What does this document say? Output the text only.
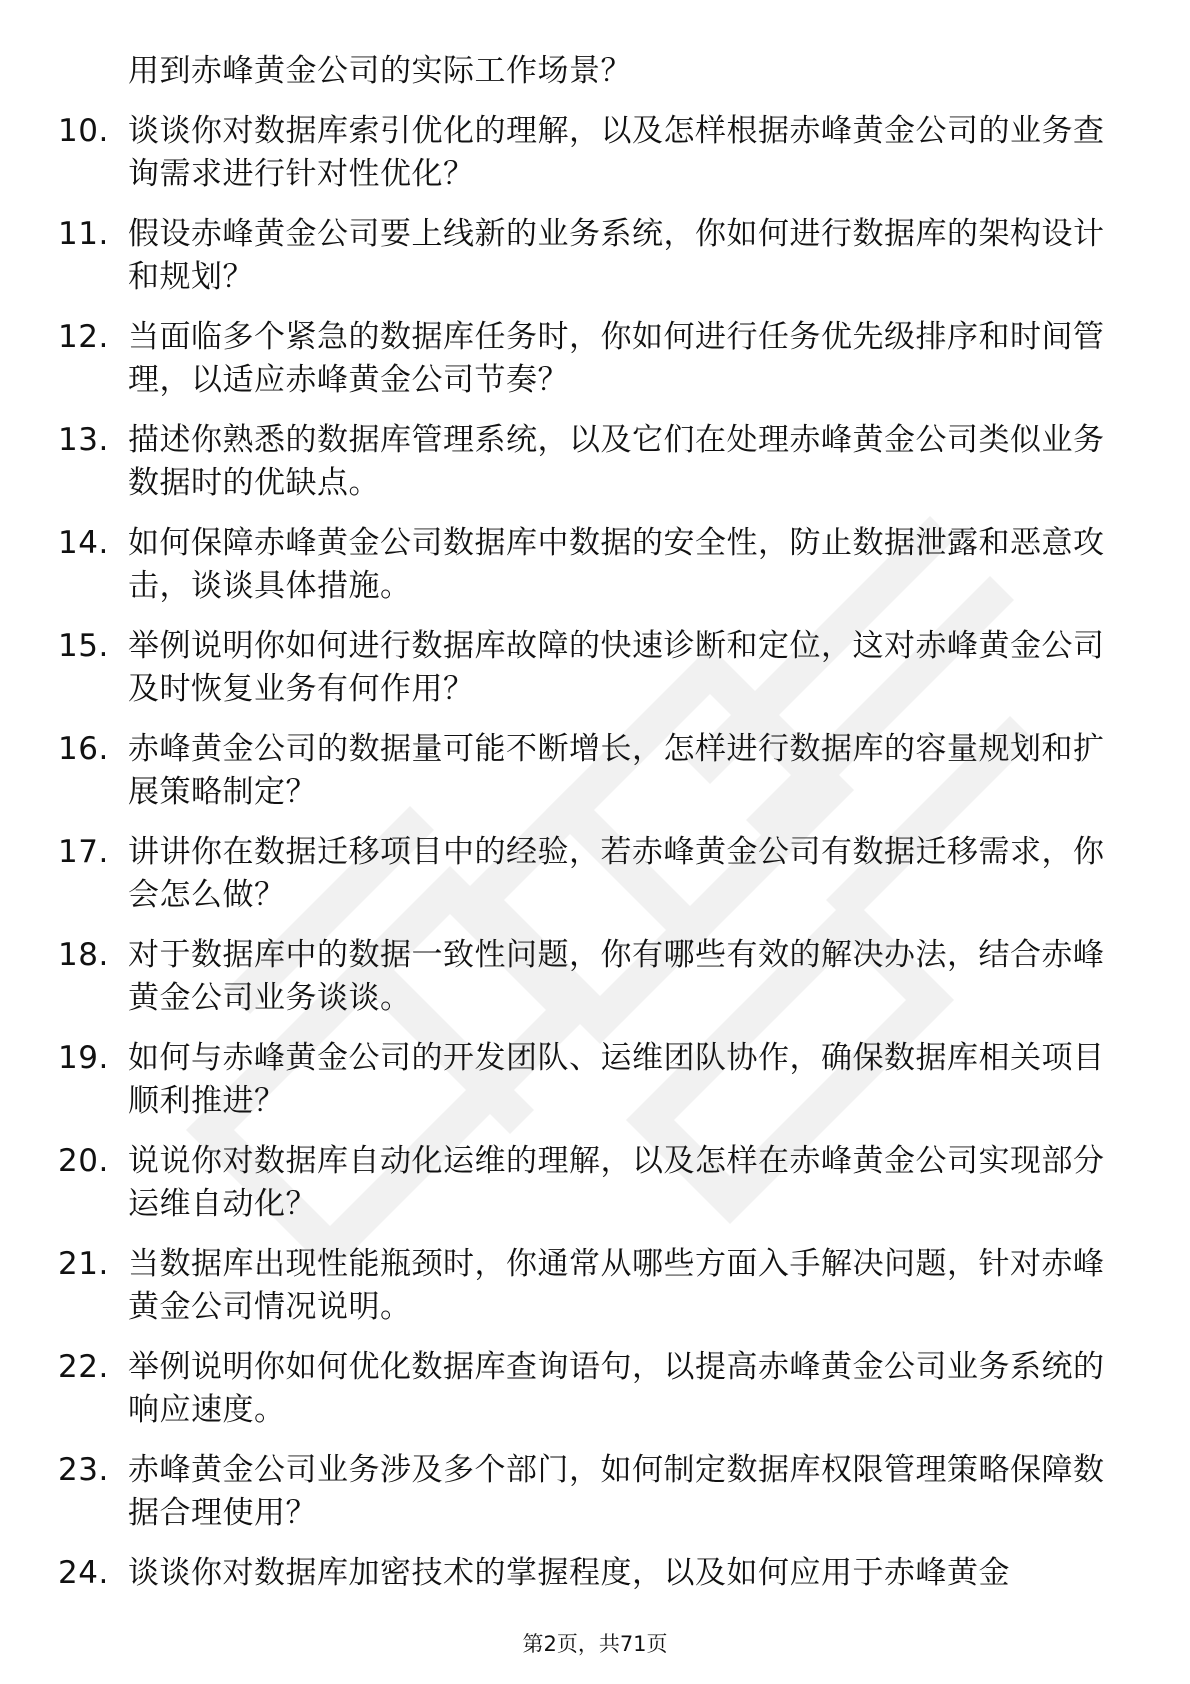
用到赤峰黄金公司的实际工作场景？
10. 谈谈你对数据库索引优化的理解，以及怎样根据赤峰黄金公司的业务查询需求进行针对性优化？
11. 假设赤峰黄金公司要上线新的业务系统，你如何进行数据库的架构设计和规划？
12. 当面临多个紧急的数据库任务时，你如何进行任务优先级排序和时间管理，以适应赤峰黄金公司节奏？
13. 描述你熟悉的数据库管理系统，以及它们在处理赤峰黄金公司类似业务数据时的优缺点。
14. 如何保障赤峰黄金公司数据库中数据的安全性，防止数据泄露和恶意攻击，谈谈具体措施。
15. 举例说明你如何进行数据库故障的快速诊断和定位，这对赤峰黄金公司及时恢复业务有何作用？
16. 赤峰黄金公司的数据量可能不断增长，怎样进行数据库的容量规划和扩展策略制定？
17. 讲讲你在数据迁移项目中的经验，若赤峰黄金公司有数据迁移需求，你会怎么做？
18. 对于数据库中的数据一致性问题，你有哪些有效的解决办法，结合赤峰黄金公司业务谈谈。
19. 如何与赤峰黄金公司的开发团队、运维团队协作，确保数据库相关项目顺利推进？
20. 说说你对数据库自动化运维的理解，以及怎样在赤峰黄金公司实现部分运维自动化？
21. 当数据库出现性能瓶颈时，你通常从哪些方面入手解决问题，针对赤峰黄金公司情况说明。
22. 举例说明你如何优化数据库查询语句，以提高赤峰黄金公司业务系统的响应速度。
23. 赤峰黄金公司业务涉及多个部门，如何制定数据库权限管理策略保障数据合理使用？
24. 谈谈你对数据库加密技术的掌握程度，以及如何应用于赤峰黄金
第2页，共71页
